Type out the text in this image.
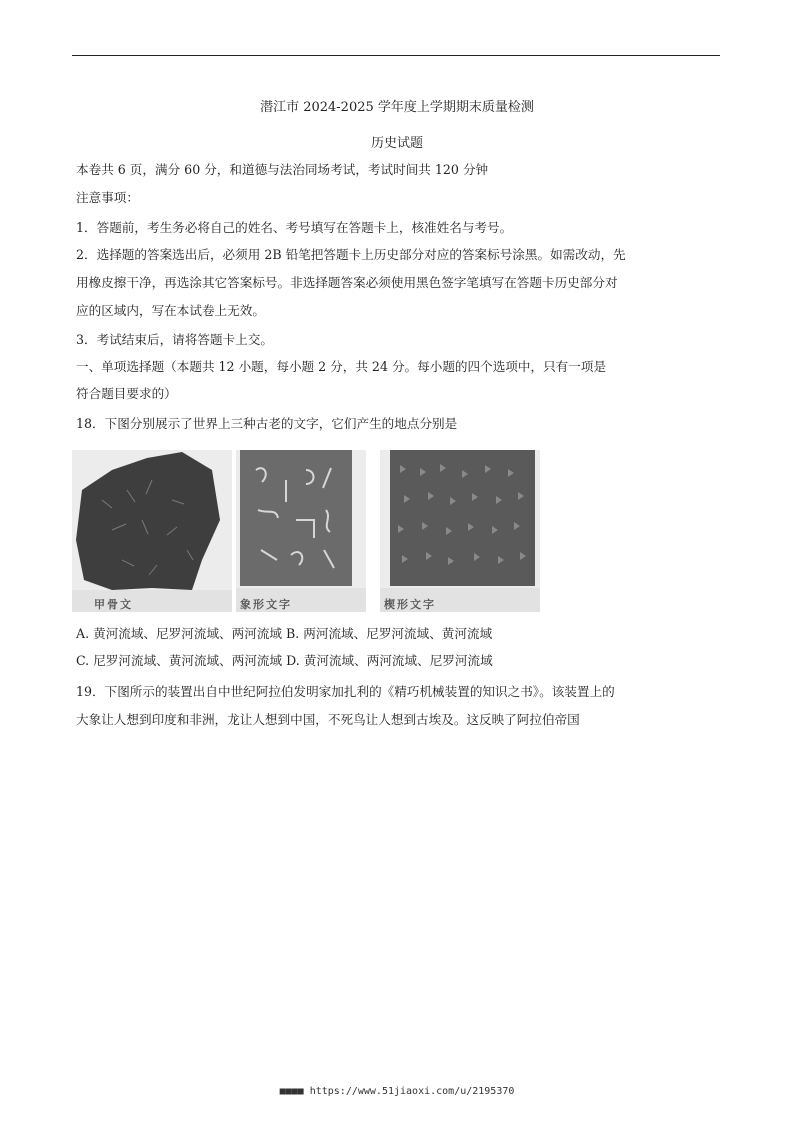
潜江市 2024-2025 学年度上学期期末质量检测
历史试题
本卷共 6 页，满分 60 分，和道德与法治同场考试，考试时间共 120 分钟
注意事项：
1．答题前，考生务必将自己的姓名、考号填写在答题卡上，核准姓名与考号。
2．选择题的答案选出后，必须用 2B 铅笔把答题卡上历史部分对应的答案标号涂黑。如需改动，先
用橡皮擦干净，再选涂其它答案标号。非选择题答案必须使用黑色签字笔填写在答题卡历史部分对
应的区域内，写在本试卷上无效。
3．考试结束后，请将答题卡上交。
一、单项选择题（本题共 12 小题，每小题 2 分，共 24 分。每小题的四个选项中，只有一项是
符合题目要求的）
18．下图分别展示了世界上三种古老的文字，它们产生的地点分别是
甲骨文	象形文字	楔形文字
A. 黄河流域、尼罗河流域、两河流域 B. 两河流域、尼罗河流域、黄河流域
C. 尼罗河流域、黄河流域、两河流域 D. 黄河流域、两河流域、尼罗河流域
19．下图所示的装置出自中世纪阿拉伯发明家加扎利的《精巧机械装置的知识之书》。该装置上的
大象让人想到印度和非洲，龙让人想到中国，不死鸟让人想到古埃及。这反映了阿拉伯帝国
■■■■ https://www.51jiaoxi.com/u/2195370
